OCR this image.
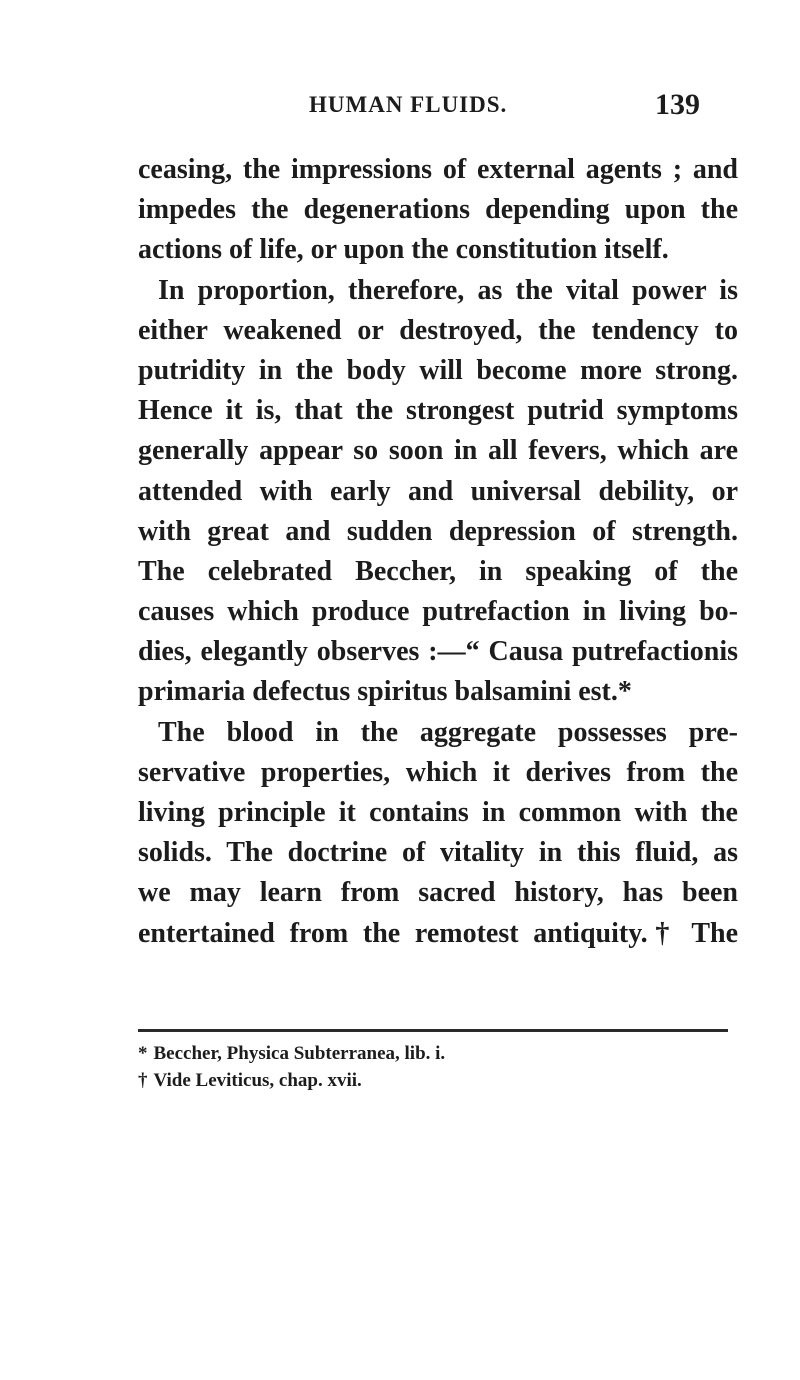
HUMAN FLUIDS.	139
ceasing, the impressions of external agents ; and
impedes the degenerations depending upon the
actions of life, or upon the constitution itself.
In proportion, therefore, as the vital power is
either weakened or destroyed, the tendency to
putridity in the body will become more strong.
Hence it is, that the strongest putrid symptoms
generally appear so soon in all fevers, which are
attended with early and universal debility, or
with great and sudden depression of strength.
The celebrated Beccher, in speaking of the
causes which produce putrefaction in living bo-
dies, elegantly observes :—“ Causa putrefactionis
primaria defectus spiritus balsamini est.*
The blood in the aggregate possesses pre-
servative properties, which it derives from the
living principle it contains in common with the
solids. The doctrine of vitality in this fluid, as
we may learn from sacred history, has been
entertained from the remotest antiquity.† The
* Beccher, Physica Subterranea, lib. i.
† Vide Leviticus, chap. xvii.
